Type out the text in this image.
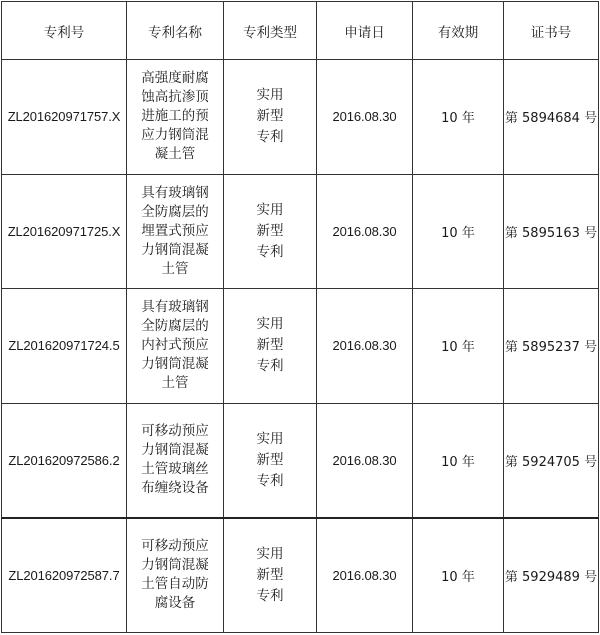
专利号	专利名称	专利类型	申请日	有效期	证书号
ZL201620971757.X	高强度耐腐
蚀高抗渗顶
进施工的预
应力钢筒混
凝土管	实用
新型
专利	2016.08.30	10 年	第 5894684 号
ZL201620971725.X	具有玻璃钢
全防腐层的
埋置式预应
力钢筒混凝
土管	实用
新型
专利	2016.08.30	10 年	第 5895163 号
ZL201620971724.5	具有玻璃钢
全防腐层的
内衬式预应
力钢筒混凝
土管	实用
新型
专利	2016.08.30	10 年	第 5895237 号
ZL201620972586.2	可移动预应
力钢筒混凝
土管玻璃丝
布缠绕设备	实用
新型
专利	2016.08.30	10 年	第 5924705 号
ZL201620972587.7	可移动预应
力钢筒混凝
土管自动防
腐设备	实用
新型
专利	2016.08.30	10 年	第 5929489 号
